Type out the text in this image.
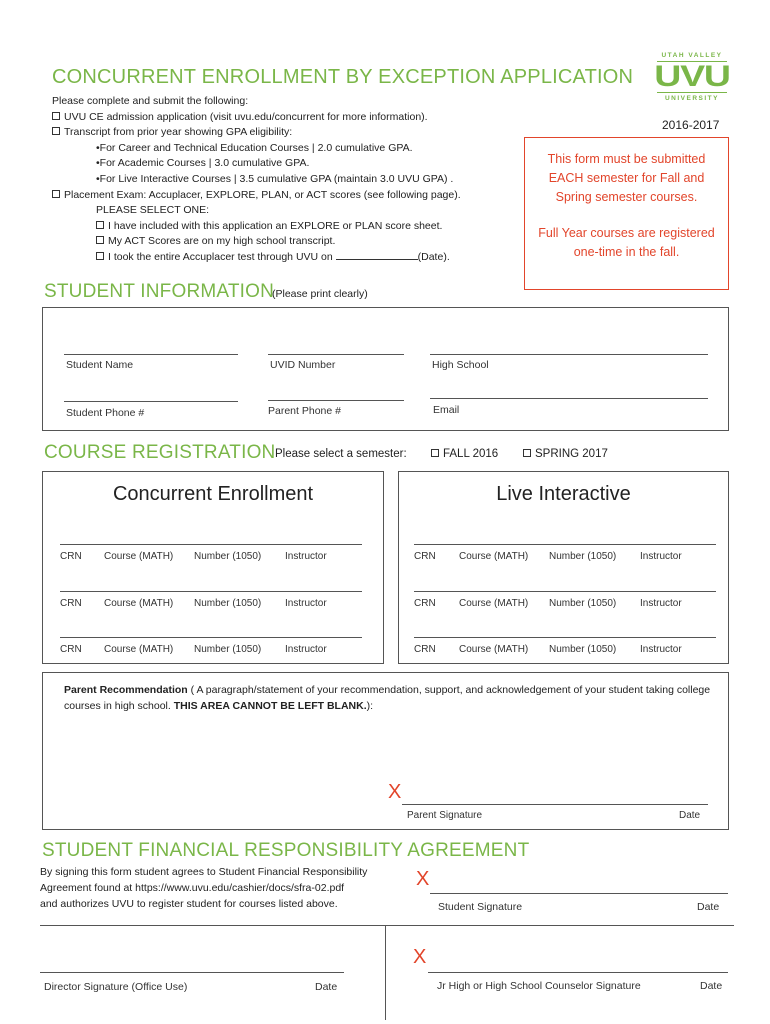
UTAH VALLEY
UVU
UNIVERSITY
2016-2017
CONCURRENT ENROLLMENT BY EXCEPTION APPLICATION
Please complete and submit the following:
UVU CE admission application (visit uvu.edu/concurrent for more information).
Transcript from prior year showing GPA eligibility:
•For Career and Technical Education Courses | 2.0 cumulative GPA.
•For Academic Courses | 3.0 cumulative GPA.
•For Live Interactive Courses | 3.5 cumulative GPA (maintain 3.0 UVU GPA) .
Placement Exam: Accuplacer, EXPLORE, PLAN, or ACT scores (see following page).
PLEASE SELECT ONE:
I have included with this application an EXPLORE or PLAN score sheet.
My ACT Scores are on my high school transcript.
I took the entire Accuplacer test through UVU on	(Date).
This form must be submitted EACH semester for Fall and Spring semester courses.
Full Year courses are registered one-time in the fall.
STUDENT INFORMATION
(Please print clearly)
Student Name	UVID Number	High School
Student Phone #	Parent Phone #	Email
COURSE REGISTRATION Please select a semester:	FALL 2016	SPRING 2017
Concurrent Enrollment
CRN Course (MATH) Number (1050) Instructor
CRN Course (MATH) Number (1050) Instructor
CRN Course (MATH) Number (1050) Instructor
Live Interactive
CRN Course (MATH) Number (1050) Instructor
CRN Course (MATH) Number (1050) Instructor
CRN Course (MATH) Number (1050) Instructor
Parent Recommendation ( A paragraph/statement of your recommendation, support, and acknowledgement of your student taking college courses in high school. THIS AREA CANNOT BE LEFT BLANK.):
X
Parent Signature	Date
STUDENT FINANCIAL RESPONSIBILITY AGREEMENT
By signing this form student agrees to Student Financial Responsibility
Agreement found at https://www.uvu.edu/cashier/docs/sfra-02.pdf
and authorizes UVU to register student for courses listed above.
X
Student Signature	Date
Director Signature (Office Use)	Date
X
Jr High or High School Counselor Signature	Date
